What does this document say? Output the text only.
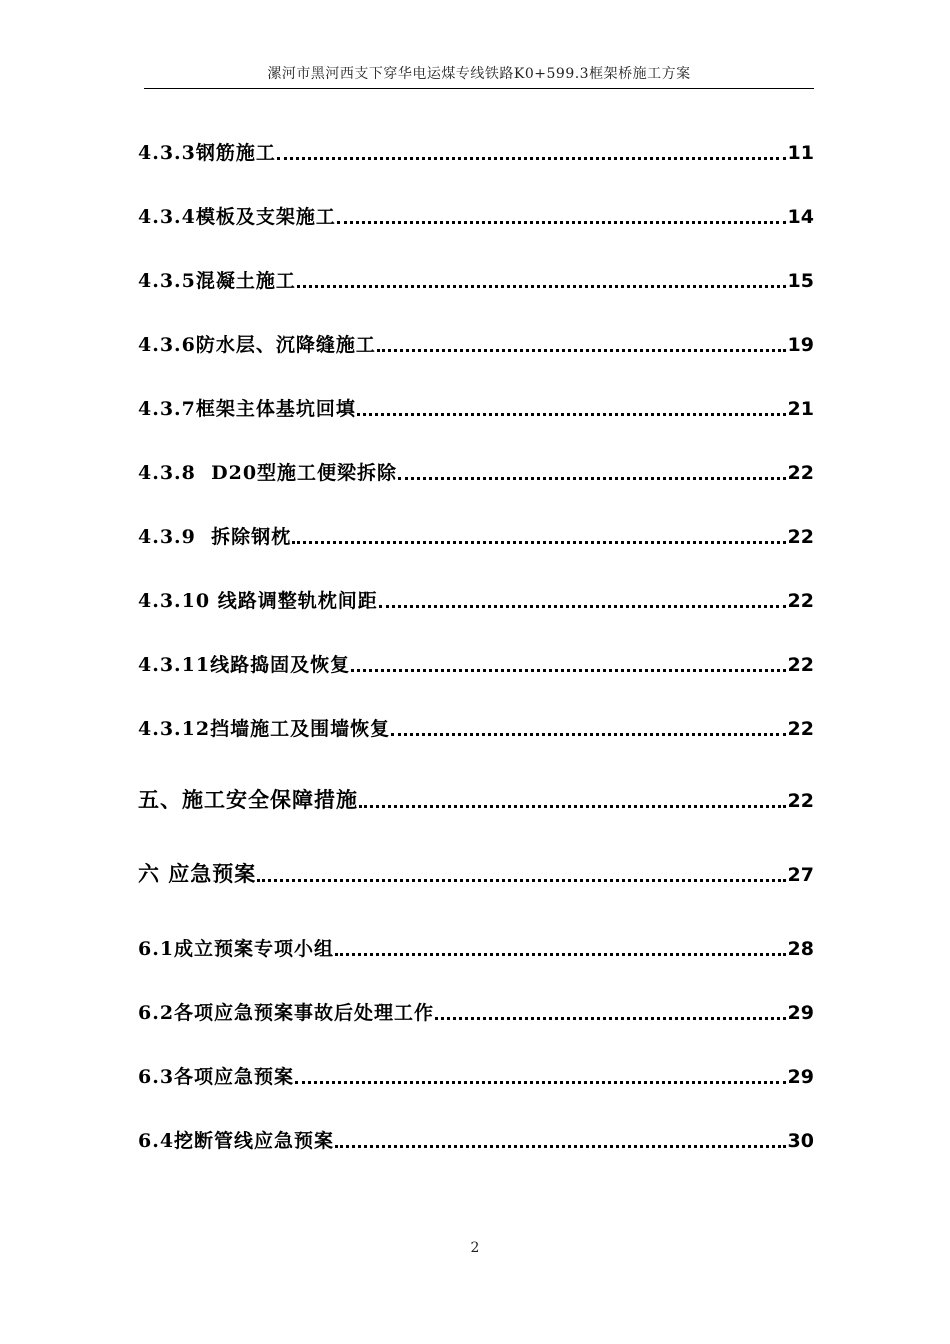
漯河市黑河西支下穿华电运煤专线铁路K0+599.3框架桥施工方案
4.3.3钢筋施工	11
4.3.4模板及支架施工	14
4.3.5混凝土施工	15
4.3.6防水层、沉降缝施工	19
4.3.7框架主体基坑回填	21
4.3.8  D20型施工便梁拆除	22
4.3.9  拆除钢枕	22
4.3.10 线路调整轨枕间距	22
4.3.11线路捣固及恢复	22
4.3.12挡墙施工及围墙恢复	22
五、施工安全保障措施	22
六 应急预案	27
6.1成立预案专项小组	28
6.2各项应急预案事故后处理工作	29
6.3各项应急预案	29
6.4挖断管线应急预案	30
2
